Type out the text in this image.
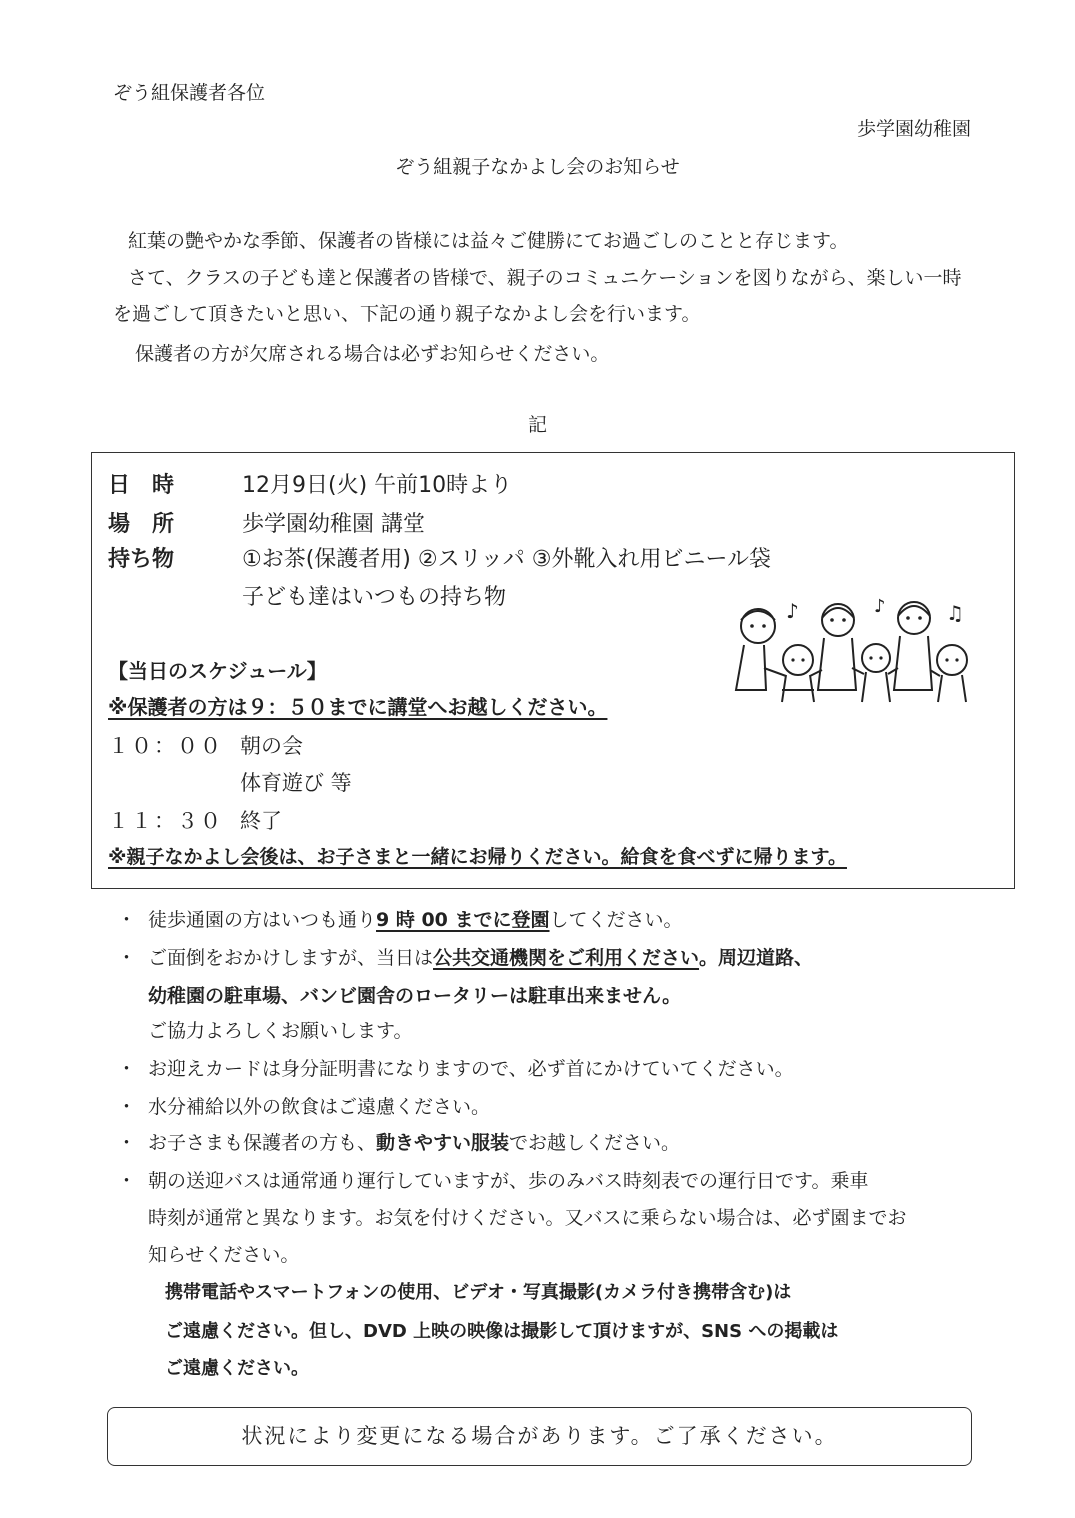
ぞう組保護者各位
歩学園幼稚園
ぞう組親子なかよし会のお知らせ
紅葉の艶やかな季節、保護者の皆様には益々ご健勝にてお過ごしのことと存じます。
さて、クラスの子ども達と保護者の皆様で、親子のコミュニケーションを図りながら、楽しい一時
を過ごして頂きたいと思い、下記の通り親子なかよし会を行います。
保護者の方が欠席される場合は必ずお知らせください。
記
日　時	12月9日(火) 午前10時より
場　所	歩学園幼稚園 講堂
持ち物	①お茶(保護者用) ②スリッパ ③外靴入れ用ビニール袋
子ども達はいつもの持ち物
♪	♪	♫
【当日のスケジュール】
※保護者の方は９：５０までに講堂へお越しください。
１０：００ 朝の会
体育遊び 等
１１：３０ 終了
※親子なかよし会後は、お子さまと一緒にお帰りください。給食を食べずに帰ります。
・ 徒歩通園の方はいつも通り9 時 00 までに登園してください。
・ ご面倒をおかけしますが、当日は公共交通機関をご利用ください。周辺道路、
幼稚園の駐車場、バンビ園舎のロータリーは駐車出来ません。
ご協力よろしくお願いします。
・ お迎えカードは身分証明書になりますので、必ず首にかけていてください。
・ 水分補給以外の飲食はご遠慮ください。
・ お子さまも保護者の方も、動きやすい服装でお越しください。
・ 朝の送迎バスは通常通り運行していますが、歩のみバス時刻表での運行日です。乗車
時刻が通常と異なります。お気を付けください。又バスに乗らない場合は、必ず園までお
知らせください。
携帯電話やスマートフォンの使用、ビデオ・写真撮影(カメラ付き携帯含む)は
ご遠慮ください。但し、DVD 上映の映像は撮影して頂けますが、SNS への掲載は
ご遠慮ください。
状況により変更になる場合があります。ご了承ください。
